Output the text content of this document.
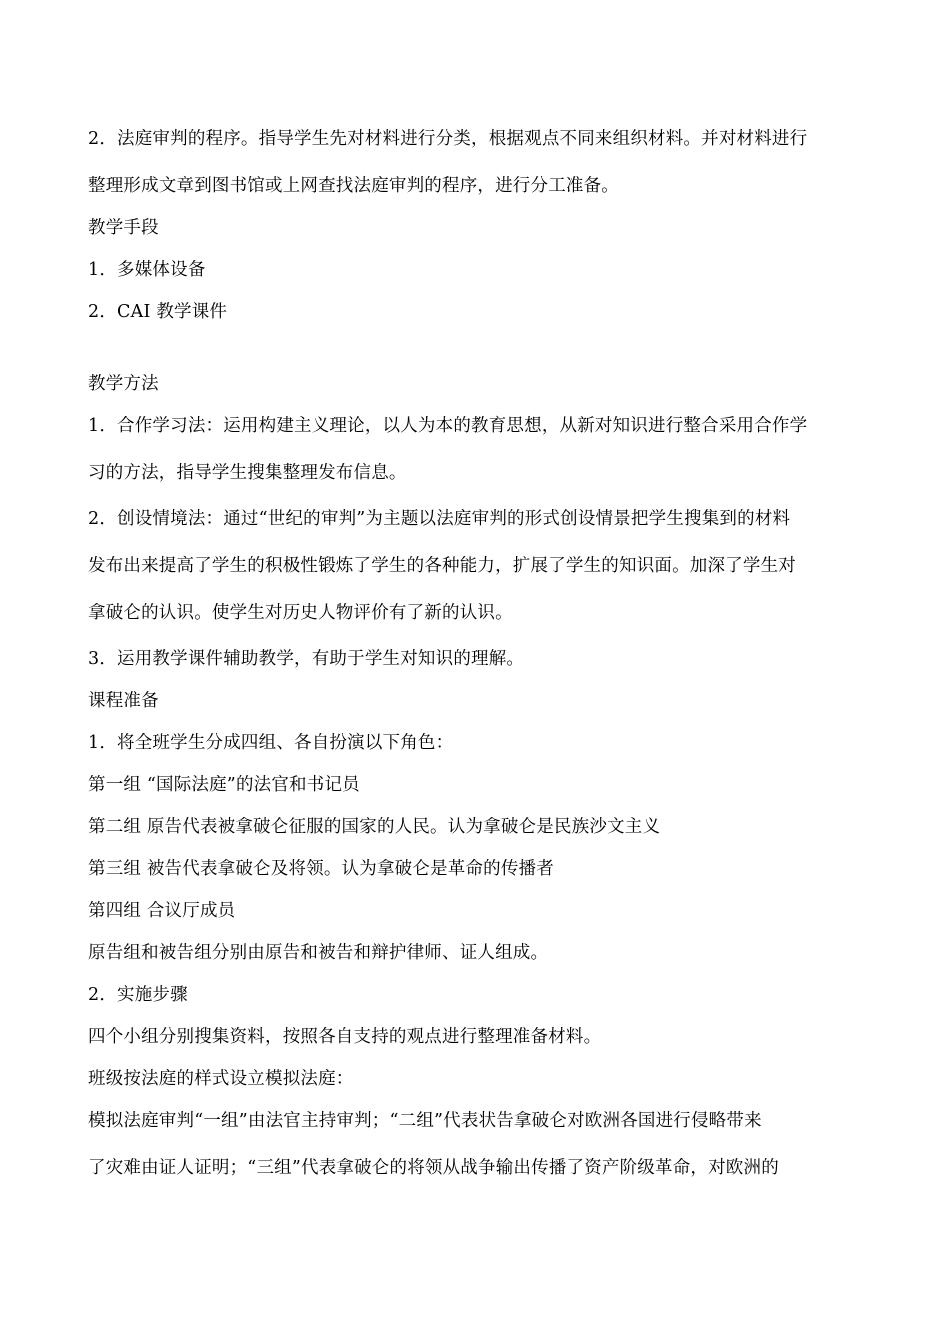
2．法庭审判的程序。指导学生先对材料进行分类，根据观点不同来组织材料。并对材料进行
整理形成文章到图书馆或上网查找法庭审判的程序，进行分工准备。
教学手段
1．多媒体设备
2．CAI 教学课件
教学方法
1．合作学习法：运用构建主义理论，以人为本的教育思想，从新对知识进行整合采用合作学
习的方法，指导学生搜集整理发布信息。
2．创设情境法：通过“世纪的审判”为主题以法庭审判的形式创设情景把学生搜集到的材料
发布出来提高了学生的积极性锻炼了学生的各种能力，扩展了学生的知识面。加深了学生对
拿破仑的认识。使学生对历史人物评价有了新的认识。
3．运用教学课件辅助教学，有助于学生对知识的理解。
课程准备
1．将全班学生分成四组、各自扮演以下角色：
第一组 “国际法庭”的法官和书记员
第二组 原告代表被拿破仑征服的国家的人民。认为拿破仑是民族沙文主义
第三组 被告代表拿破仑及将领。认为拿破仑是革命的传播者
第四组 合议厅成员
原告组和被告组分别由原告和被告和辩护律师、证人组成。
2．实施步骤
四个小组分别搜集资料，按照各自支持的观点进行整理准备材料。
班级按法庭的样式设立模拟法庭：
模拟法庭审判“一组”由法官主持审判；“二组”代表状告拿破仑对欧洲各国进行侵略带来
了灾难由证人证明；“三组”代表拿破仑的将领从战争输出传播了资产阶级革命，对欧洲的
